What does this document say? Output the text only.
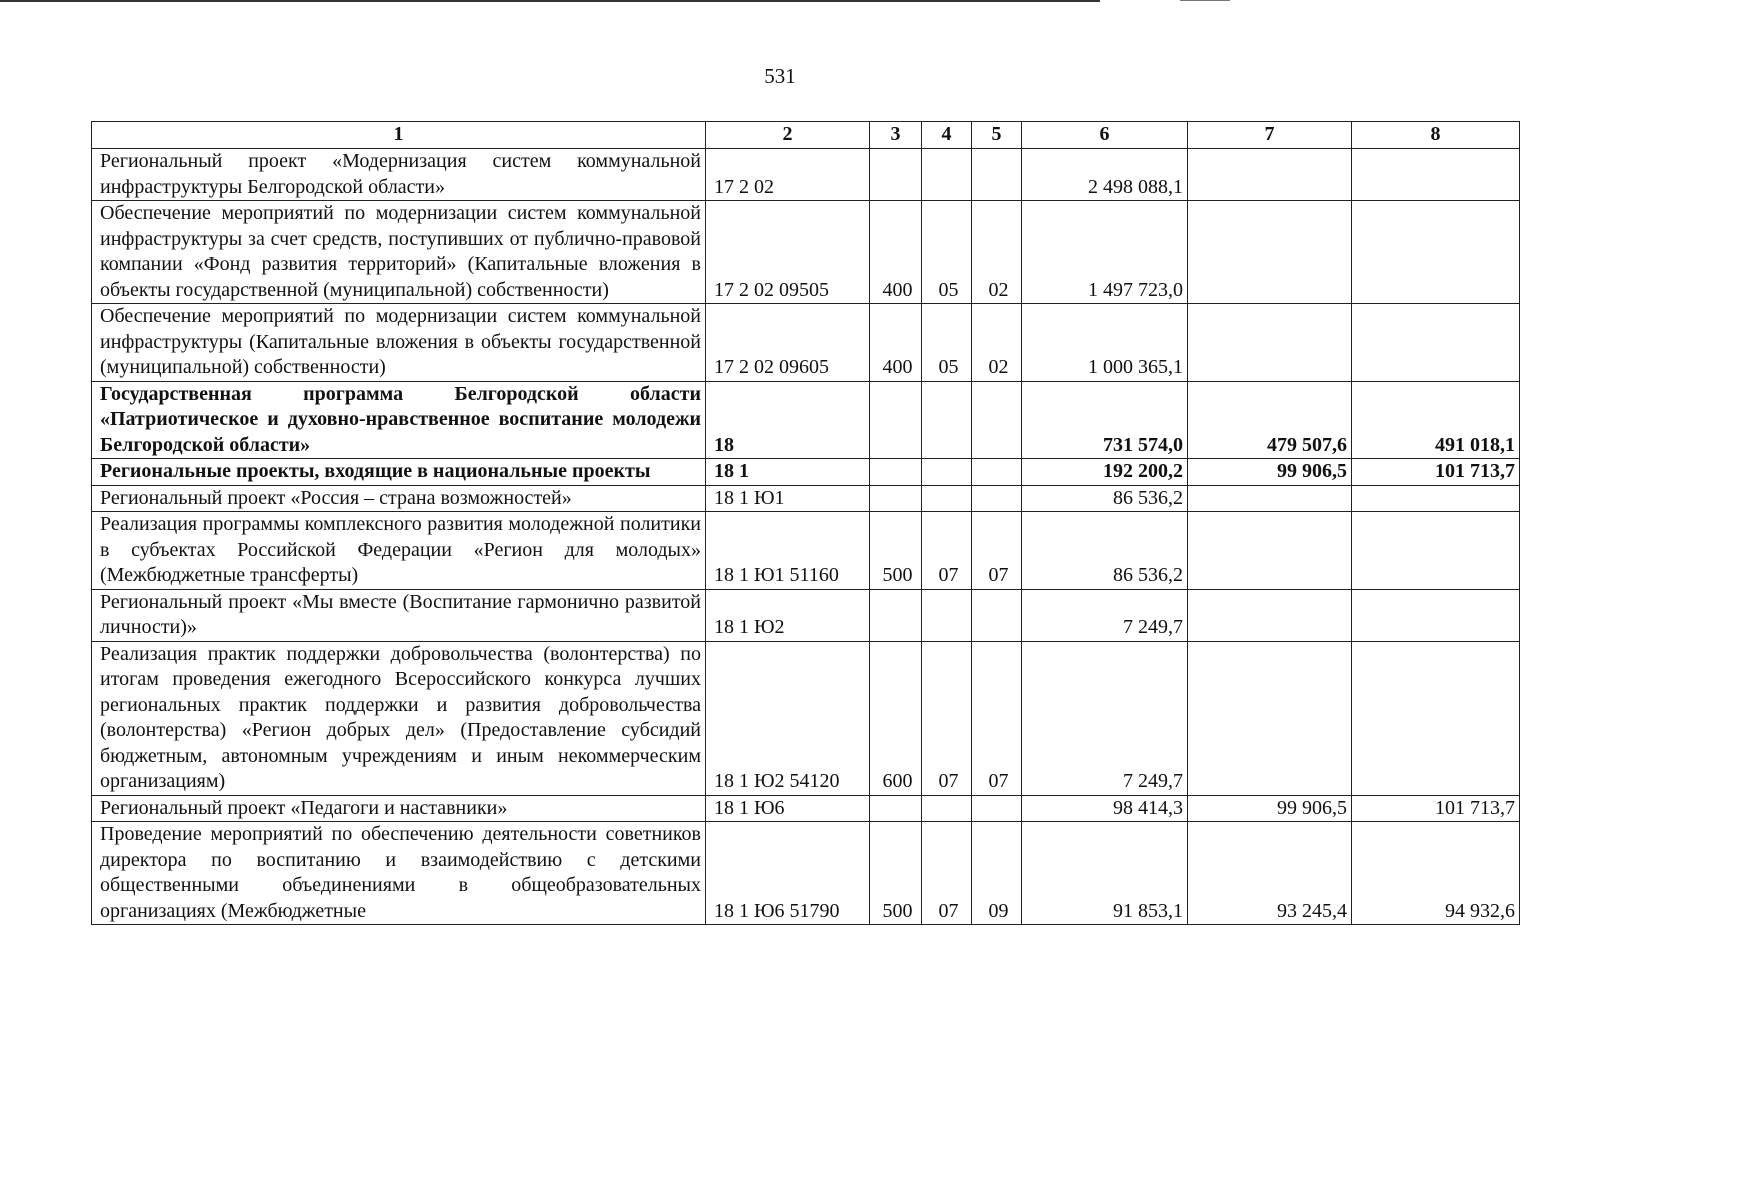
531
1	2	3	4	5	6	7	8
Региональный проект «Модернизация систем коммунальной инфраструктуры Белгородской области»	17 2 02				2 498 088,1		
Обеспечение мероприятий по модернизации систем коммунальной инфраструктуры за счет средств, поступивших от публично-правовой компании «Фонд развития территорий» (Капитальные вложения в объекты государственной (муниципальной) собственности)	17 2 02 09505	400	05	02	1 497 723,0		
Обеспечение мероприятий по модернизации систем коммунальной инфраструктуры (Капитальные вложения в объекты государственной (муниципальной) собственности)	17 2 02 09605	400	05	02	1 000 365,1		
Государственная программа Белгородской области «Патриотическое и духовно-нравственное воспитание молодежи Белгородской области»	18				731 574,0	479 507,6	491 018,1
Региональные проекты, входящие в национальные проекты	18 1				192 200,2	99 906,5	101 713,7
Региональный проект «Россия – страна возможностей»	18 1 Ю1				86 536,2		
Реализация программы комплексного развития молодежной политики в субъектах Российской Федерации «Регион для молодых» (Межбюджетные трансферты)	18 1 Ю1 51160	500	07	07	86 536,2		
Региональный проект «Мы вместе (Воспитание гармонично развитой личности)»	18 1 Ю2				7 249,7		
Реализация практик поддержки добровольчества (волонтерства) по итогам проведения ежегодного Всероссийского конкурса лучших региональных практик поддержки и развития добровольчества (волонтерства) «Регион добрых дел» (Предоставление субсидий бюджетным, автономным учреждениям и иным некоммерческим организациям)	18 1 Ю2 54120	600	07	07	7 249,7		
Региональный проект «Педагоги и наставники»	18 1 Ю6				98 414,3	99 906,5	101 713,7
Проведение мероприятий по обеспечению деятельности советников директора по воспитанию и взаимодействию с детскими общественными объединениями в общеобразовательных организациях (Межбюджетные	18 1 Ю6 51790	500	07	09	91 853,1	93 245,4	94 932,6
